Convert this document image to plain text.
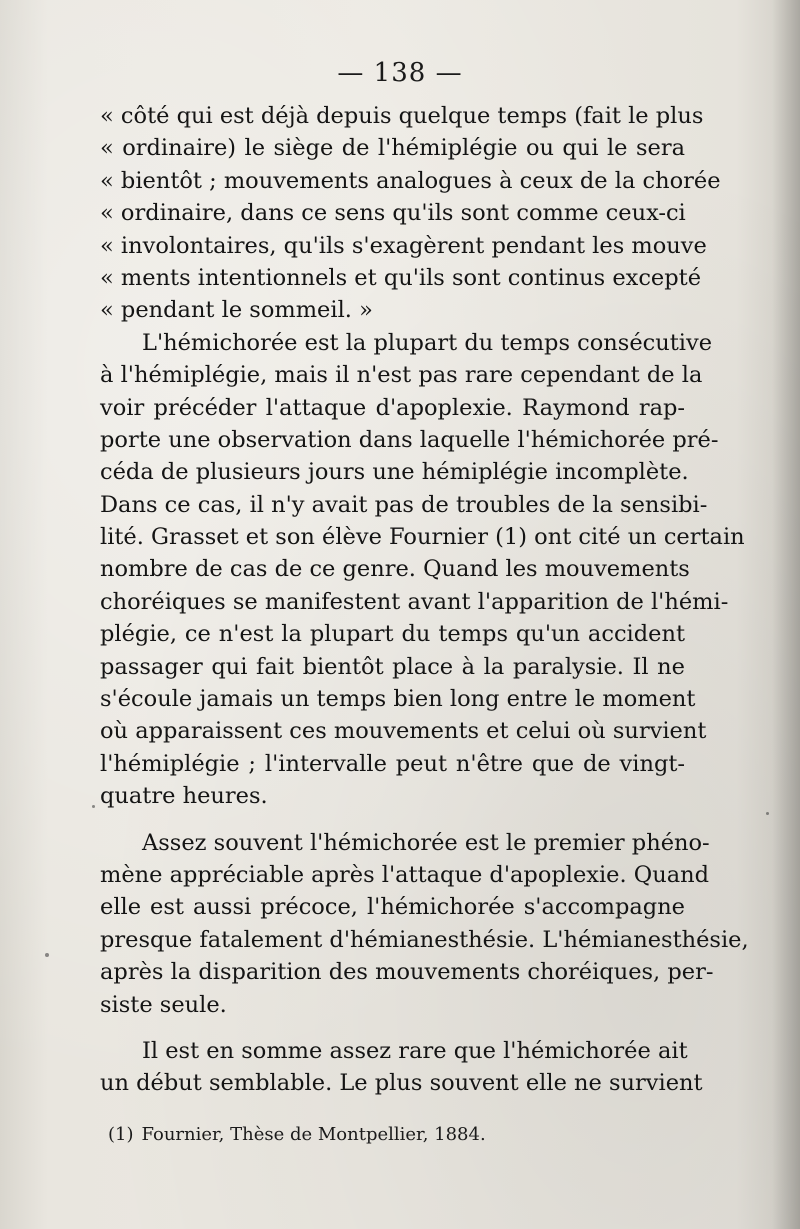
— 138 —
« côté qui est déjà depuis quelque temps (fait le plus
« ordinaire) le siège de l'hémiplégie ou qui le sera
« bientôt ; mouvements analogues à ceux de la chorée
« ordinaire, dans ce sens qu'ils sont comme ceux-ci
« involontaires, qu'ils s'exagèrent pendant les mouve
« ments intentionnels et qu'ils sont continus excepté
« pendant le sommeil. »
L'hémichorée est la plupart du temps consécutive
à l'hémiplégie, mais il n'est pas rare cependant de la
voir précéder l'attaque d'apoplexie. Raymond rap-
porte une observation dans laquelle l'hémichorée pré-
céda de plusieurs jours une hémiplégie incomplète.
Dans ce cas, il n'y avait pas de troubles de la sensibi-
lité. Grasset et son élève Fournier (1) ont cité un certain
nombre de cas de ce genre. Quand les mouvements
choréiques se manifestent avant l'apparition de l'hémi-
plégie, ce n'est la plupart du temps qu'un accident
passager qui fait bientôt place à la paralysie. Il ne
s'écoule jamais un temps bien long entre le moment
où apparaissent ces mouvements et celui où survient
l'hémiplégie ; l'intervalle peut n'être que de vingt-
quatre heures.
Assez souvent l'hémichorée est le premier phéno-
mène appréciable après l'attaque d'apoplexie. Quand
elle est aussi précoce, l'hémichorée s'accompagne
presque fatalement d'hémianesthésie. L'hémianesthésie,
après la disparition des mouvements choréiques, per-
siste seule.
Il est en somme assez rare que l'hémichorée ait
un début semblable. Le plus souvent elle ne survient
(1) Fournier, Thèse de Montpellier, 1884.
